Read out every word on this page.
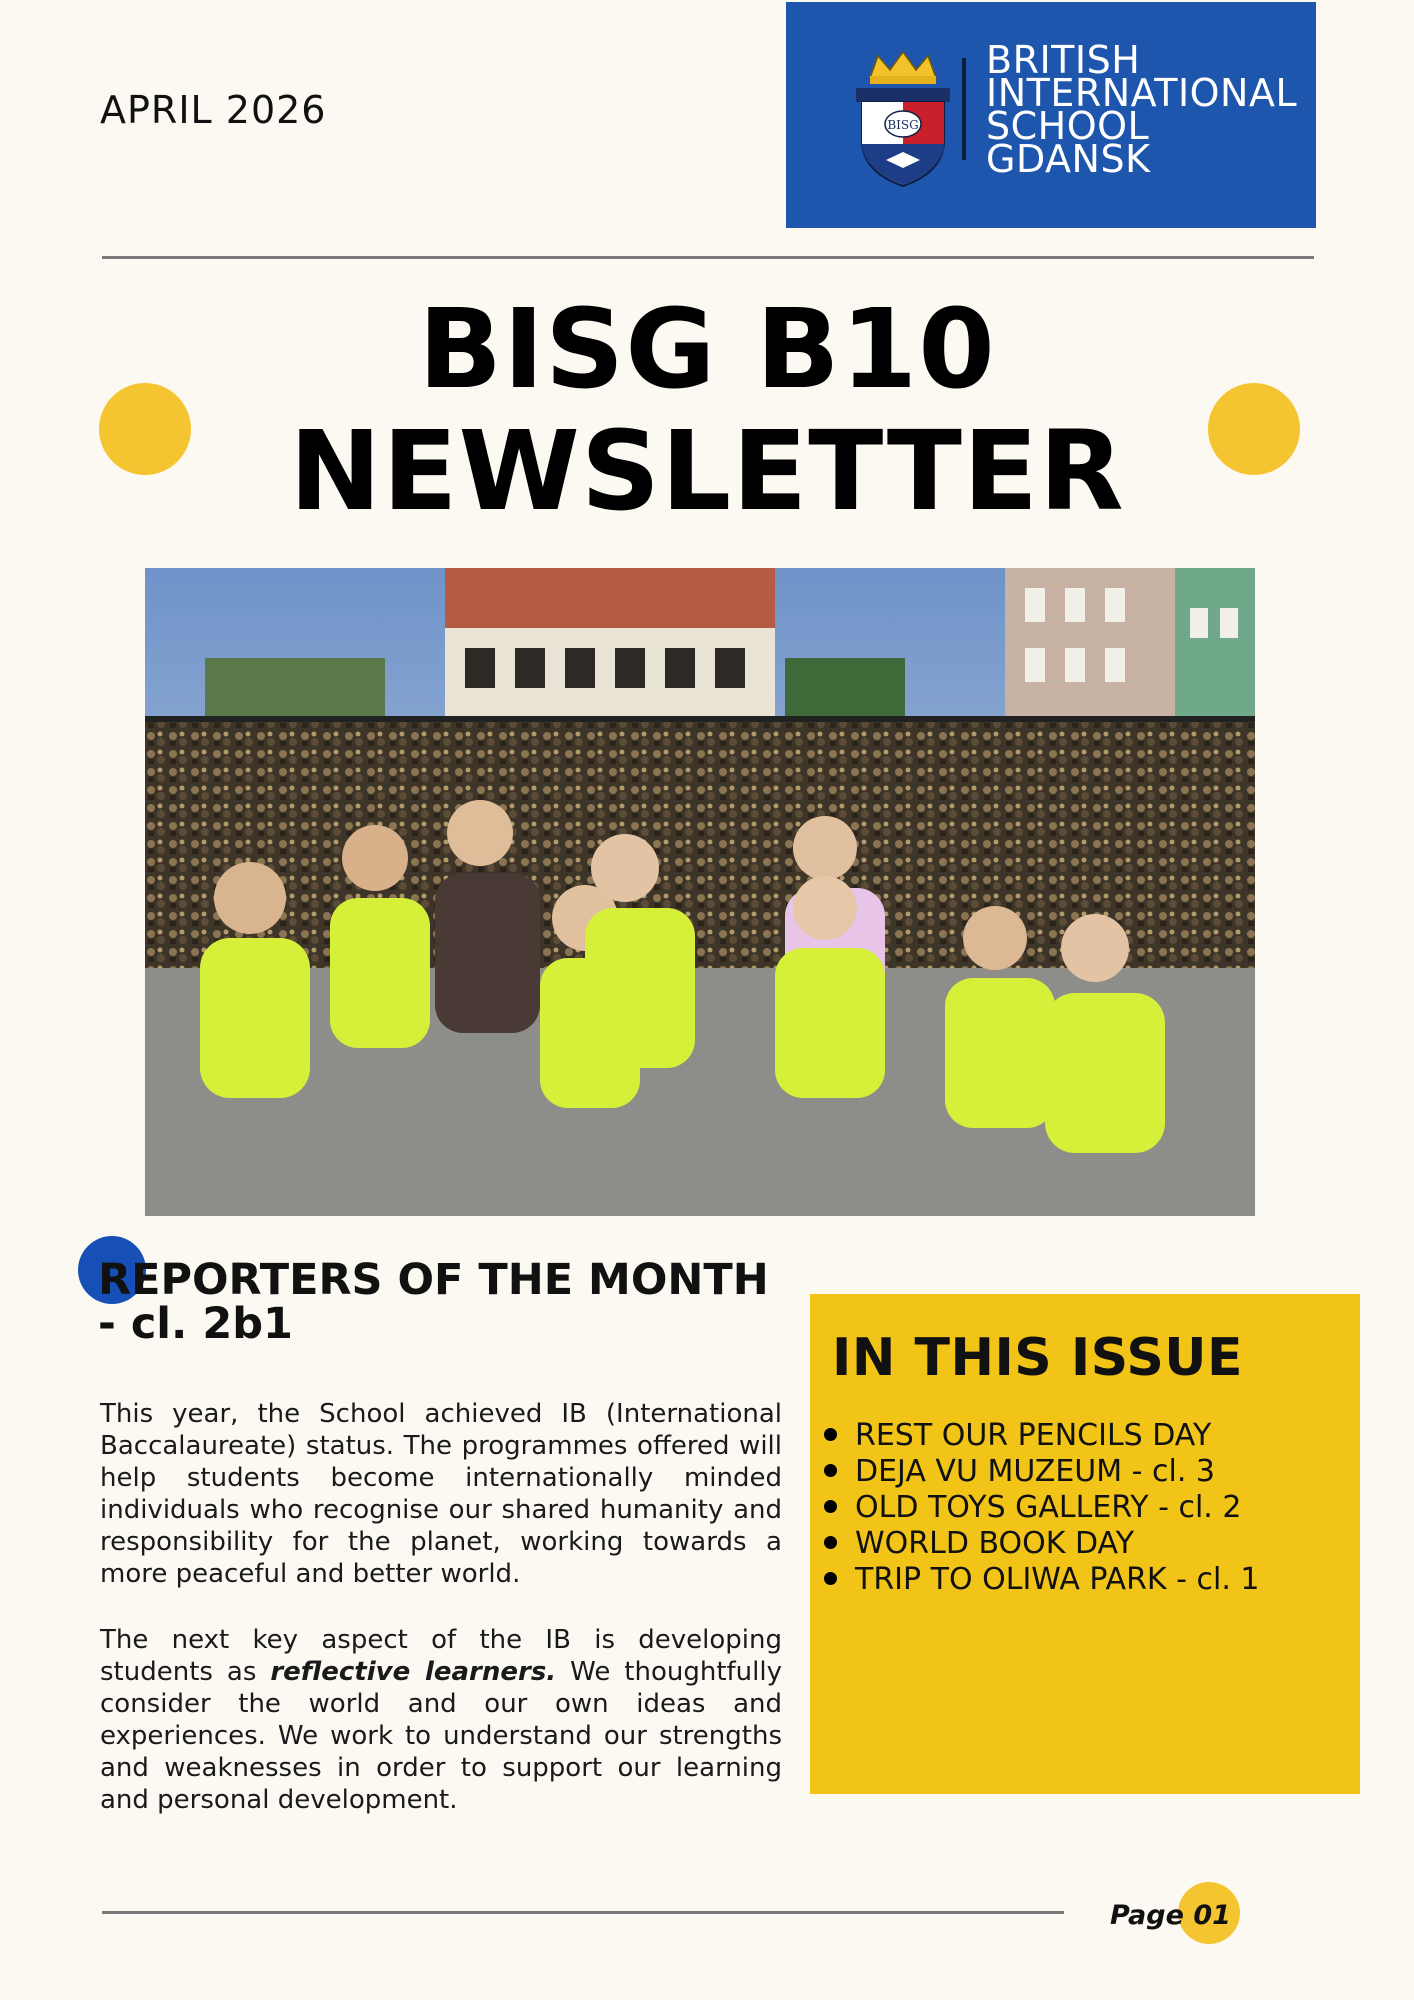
APRIL 2026	BISG
BRITISH
INTERNATIONAL
SCHOOL
GDANSK
BISG B10
NEWSLETTER
REPORTERS OF THE MONTH
- cl. 2b1
This year, the School achieved IB (International Baccalaureate) status. The programmes offered will help students become internationally minded individuals who recognise our shared humanity and responsibility for the planet, working towards a more peaceful and better world.
The next key aspect of the IB is developing students as reflective learners. We thoughtfully consider the world and our own ideas and experiences. We work to understand our strengths and weaknesses in order to support our learning and personal development.
IN THIS ISSUE
REST OUR PENCILS DAY
DEJA VU MUZEUM - cl. 3
OLD TOYS GALLERY - cl. 2
WORLD BOOK DAY
TRIP TO OLIWA PARK - cl. 1
Page 01
